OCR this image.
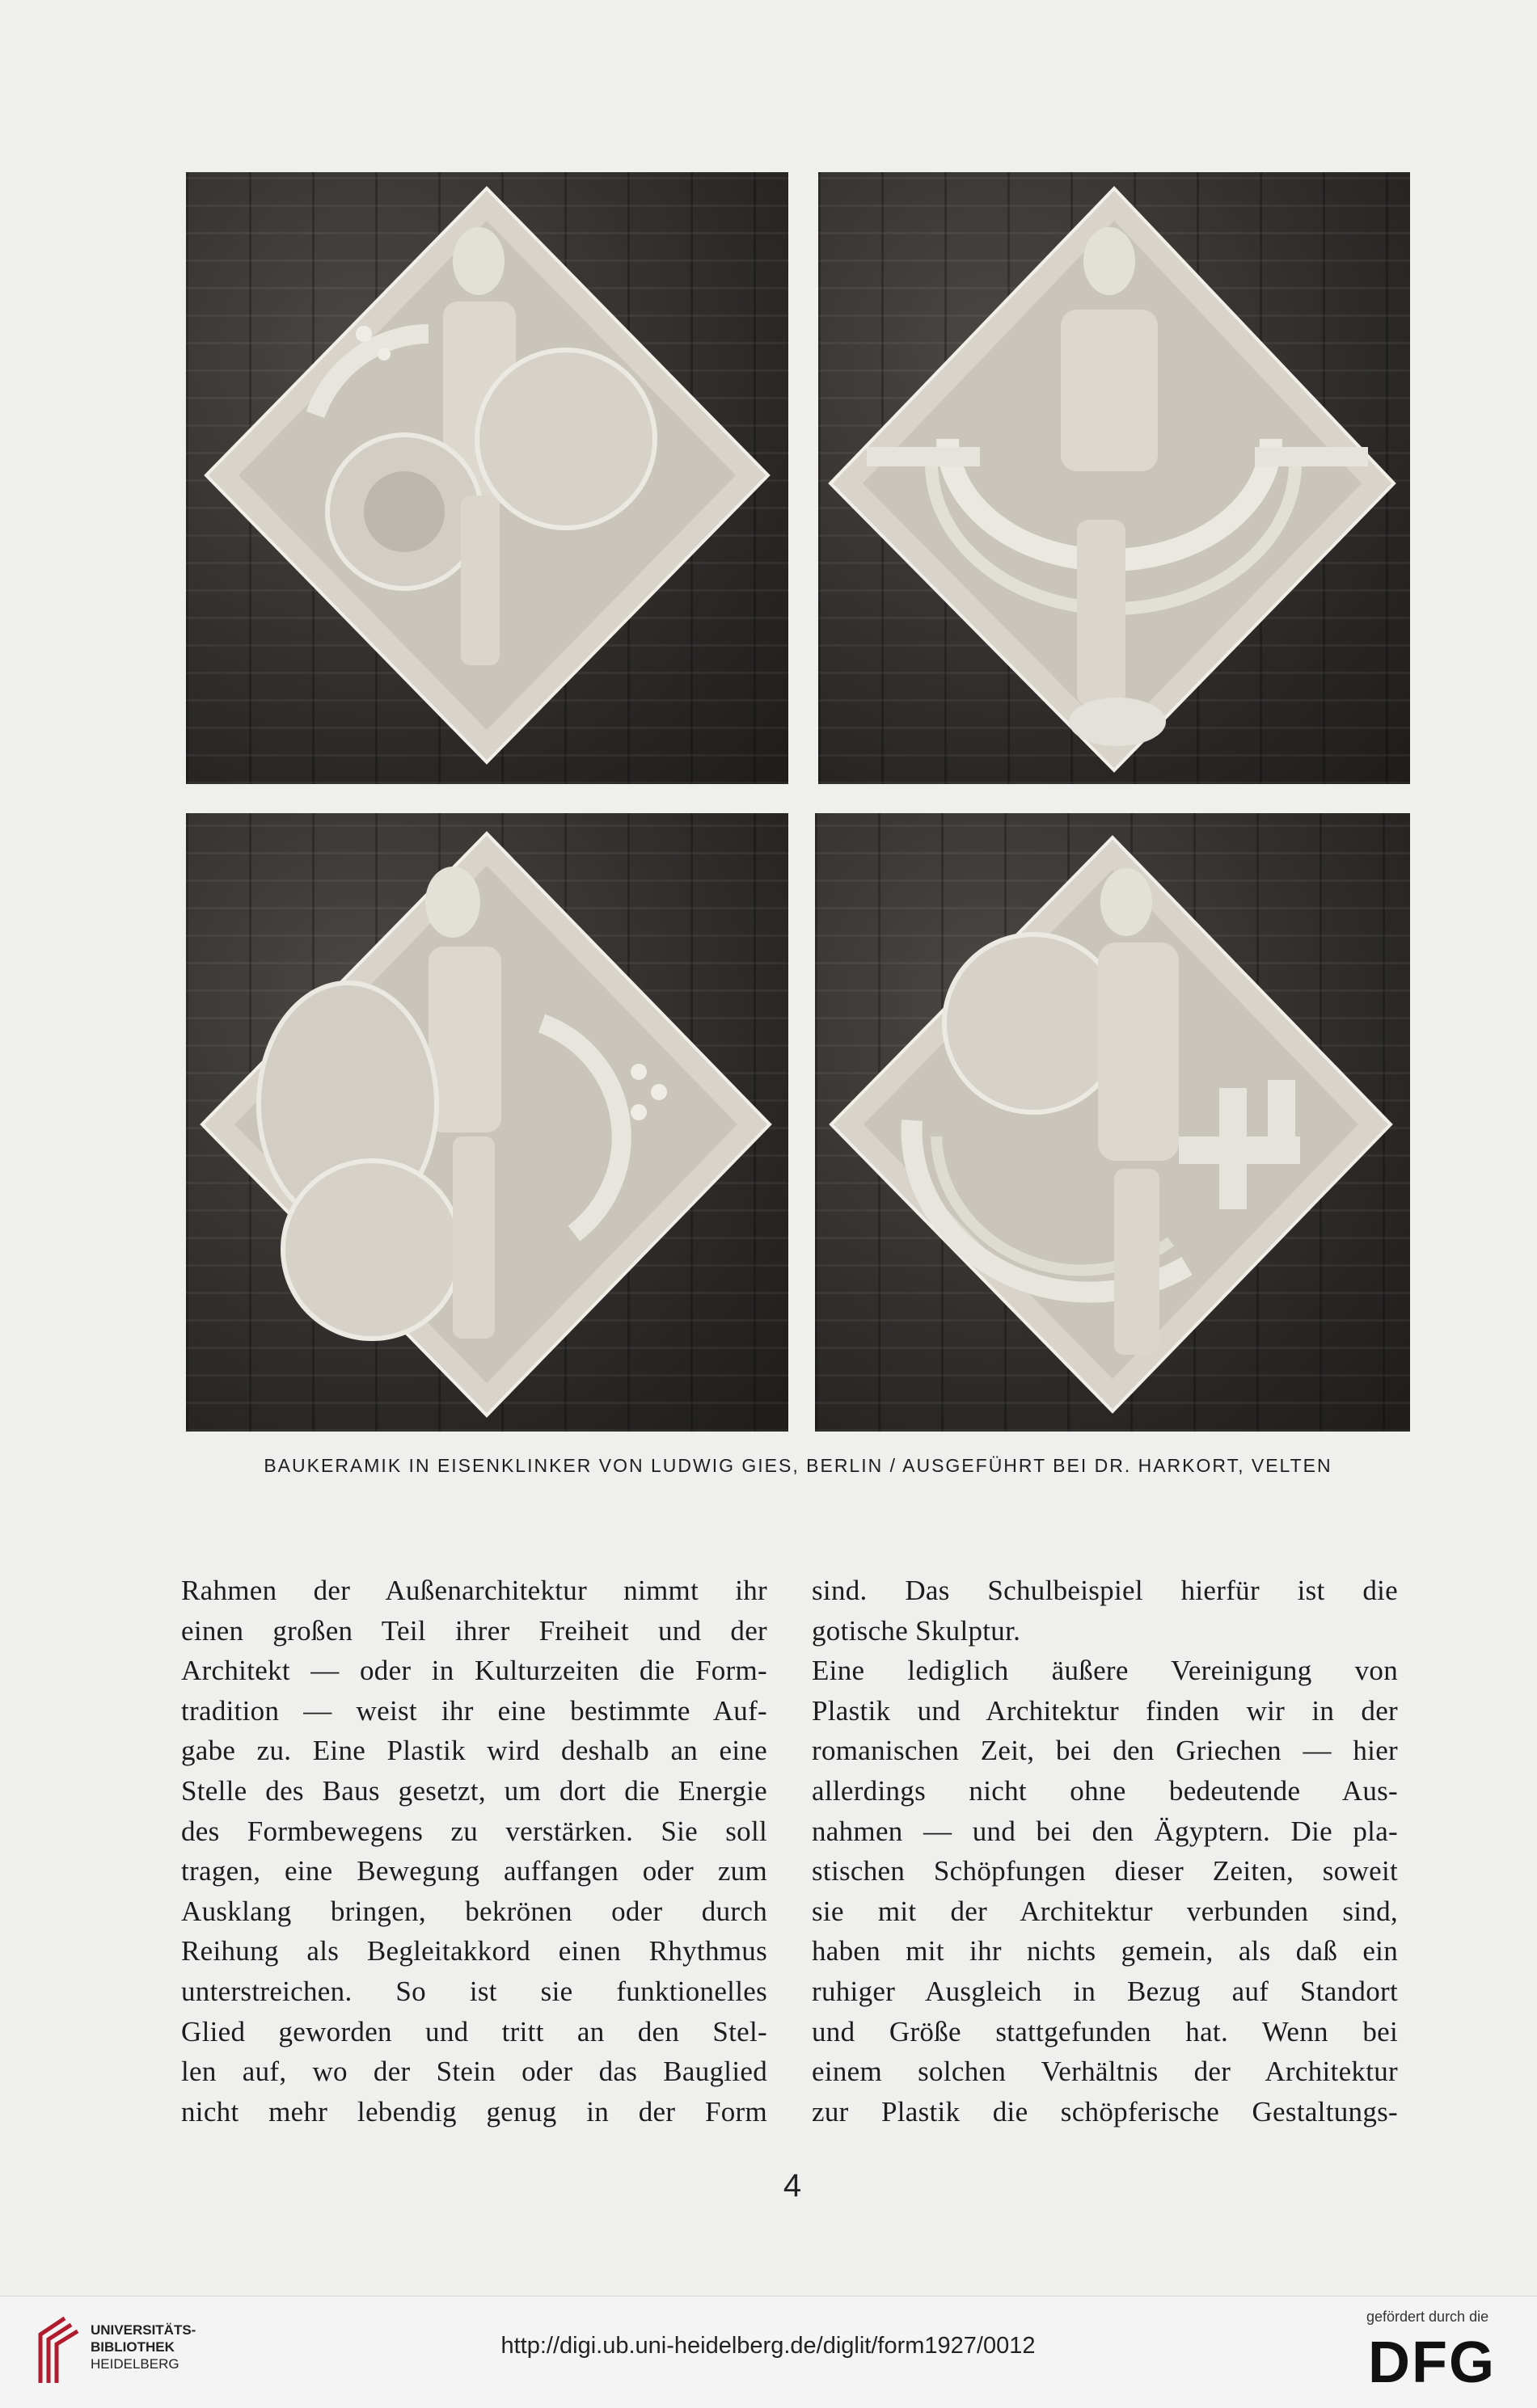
BAUKERAMIK IN EISENKLINKER VON LUDWIG GIES, BERLIN / AUSGEFÜHRT BEI DR. HARKORT, VELTEN
Rahmen der Außenarchitektur nimmt ihr
einen großen Teil ihrer Freiheit und der
Architekt — oder in Kulturzeiten die Form-
tradition — weist ihr eine bestimmte Auf-
gabe zu. Eine Plastik wird deshalb an eine
Stelle des Baus gesetzt, um dort die Energie
des Formbewegens zu verstärken. Sie soll
tragen, eine Bewegung auffangen oder zum
Ausklang bringen, bekrönen oder durch
Reihung als Begleitakkord einen Rhythmus
unterstreichen. So ist sie funktionelles
Glied geworden und tritt an den Stel-
len auf, wo der Stein oder das Bauglied
nicht mehr lebendig genug in der Form
sind. Das Schulbeispiel hierfür ist die
gotische Skulptur.
Eine lediglich äußere Vereinigung von
Plastik und Architektur finden wir in der
romanischen Zeit, bei den Griechen — hier
allerdings nicht ohne bedeutende Aus-
nahmen — und bei den Ägyptern. Die pla-
stischen Schöpfungen dieser Zeiten, soweit
sie mit der Architektur verbunden sind,
haben mit ihr nichts gemein, als daß ein
ruhiger Ausgleich in Bezug auf Standort
und Größe stattgefunden hat. Wenn bei
einem solchen Verhältnis der Architektur
zur Plastik die schöpferische Gestaltungs-
4
UNIVERSITÄTS-
BIBLIOTHEK
HEIDELBERG
http://digi.ub.uni-heidelberg.de/diglit/form1927/0012
gefördert durch die
DFG
